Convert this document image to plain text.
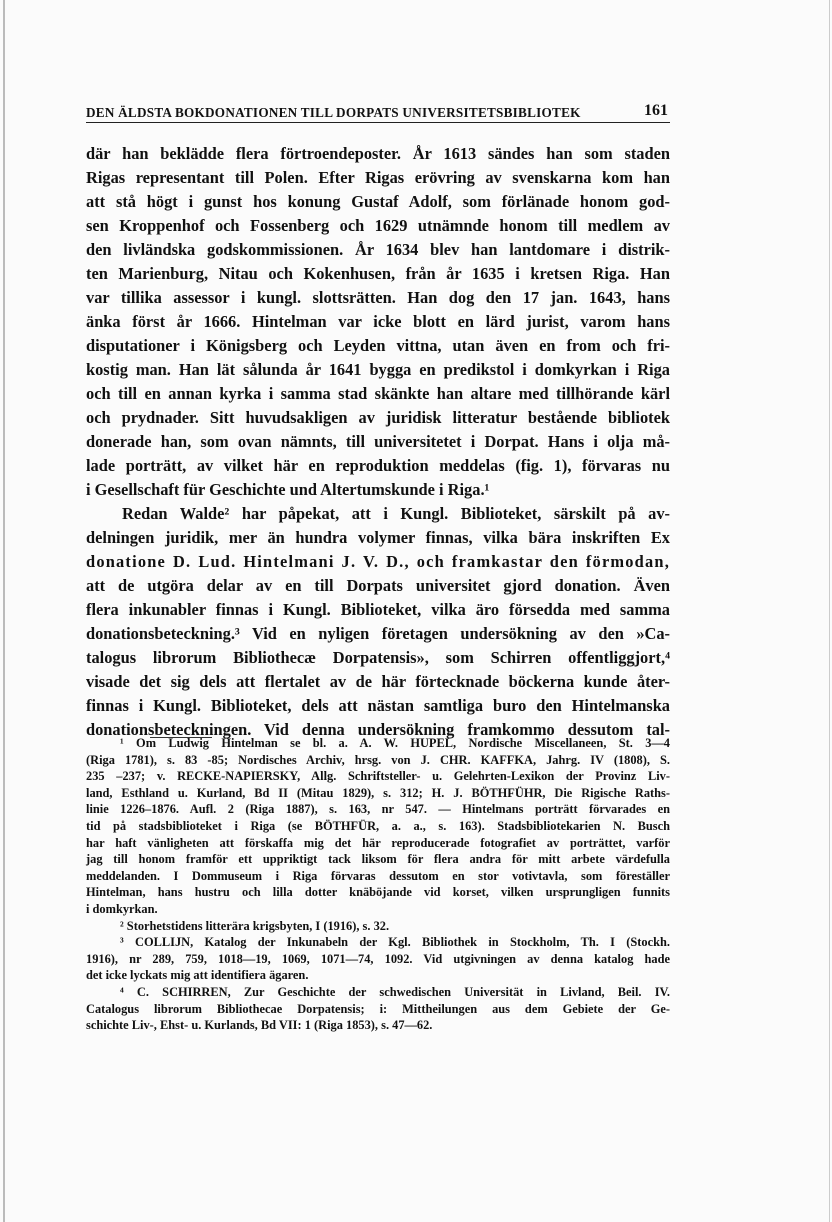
DEN ÄLDSTA BOKDONATIONEN TILL DORPATS UNIVERSITETSBIBLIOTEK	161
där han beklädde flera förtroendeposter. År 1613 sändes han som staden
Rigas representant till Polen. Efter Rigas erövring av svenskarna kom han
att stå högt i gunst hos konung Gustaf Adolf, som förlänade honom god-
sen Kroppenhof och Fossenberg och 1629 utnämnde honom till medlem av
den livländska godskommissionen. År 1634 blev han lantdomare i distrik-
ten Marienburg, Nitau och Kokenhusen, från år 1635 i kretsen Riga. Han
var tillika assessor i kungl. slottsrätten. Han dog den 17 jan. 1643, hans
änka först år 1666. Hintelman var icke blott en lärd jurist, varom hans
disputationer i Königsberg och Leyden vittna, utan även en from och fri-
kostig man. Han lät sålunda år 1641 bygga en predikstol i domkyrkan i Riga
och till en annan kyrka i samma stad skänkte han altare med tillhörande kärl
och prydnader. Sitt huvudsakligen av juridisk litteratur bestående bibliotek
donerade han, som ovan nämnts, till universitetet i Dorpat. Hans i olja må-
lade porträtt, av vilket här en reproduktion meddelas (fig. 1), förvaras nu
i Gesellschaft für Geschichte und Altertumskunde i Riga.¹
Redan Walde² har påpekat, att i Kungl. Biblioteket, särskilt på av-
delningen juridik, mer än hundra volymer finnas, vilka bära inskriften Ex
donatione D. Lud. Hintelmani J. V. D., och framkastar den förmodan,
att de utgöra delar av en till Dorpats universitet gjord donation. Även
flera inkunabler finnas i Kungl. Biblioteket, vilka äro försedda med samma
donationsbeteckning.³ Vid en nyligen företagen undersökning av den »Ca-
talogus librorum Bibliothecæ Dorpatensis», som Schirren offentliggjort,⁴
visade det sig dels att flertalet av de här förtecknade böckerna kunde åter-
finnas i Kungl. Biblioteket, dels att nästan samtliga buro den Hintelmanska
donationsbeteckningen. Vid denna undersökning framkommo dessutom tal-
¹ Om Ludwig Hintelman se bl. a. A. W. HUPEL, Nordische Miscellaneen, St. 3—4
(Riga 1781), s. 83 -85; Nordisches Archiv, hrsg. von J. CHR. KAFFKA, Jahrg. IV (1808), S.
235 –237; v. RECKE-NAPIERSKY, Allg. Schriftsteller- u. Gelehrten-Lexikon der Provinz Liv-
land, Esthland u. Kurland, Bd II (Mitau 1829), s. 312; H. J. BÖTHFÜHR, Die Rigische Raths-
linie 1226–1876. Aufl. 2 (Riga 1887), s. 163, nr 547. — Hintelmans porträtt förvarades en
tid på stadsbiblioteket i Riga (se BÖTHFÜR, a. a., s. 163). Stadsbibliotekarien N. Busch
har haft vänligheten att förskaffa mig det här reproducerade fotografiet av porträttet, varför
jag till honom framför ett uppriktigt tack liksom för flera andra för mitt arbete värdefulla
meddelanden. I Dommuseum i Riga förvaras dessutom en stor votivtavla, som föreställer
Hintelman, hans hustru och lilla dotter knäböjande vid korset, vilken ursprungligen funnits
i domkyrkan.
² Storhetstidens litterära krigsbyten, I (1916), s. 32.
³ COLLIJN, Katalog der Inkunabeln der Kgl. Bibliothek in Stockholm, Th. I (Stockh.
1916), nr 289, 759, 1018—19, 1069, 1071—74, 1092. Vid utgivningen av denna katalog hade
det icke lyckats mig att identifiera ägaren.
⁴ C. SCHIRREN, Zur Geschichte der schwedischen Universität in Livland, Beil. IV.
Catalogus librorum Bibliothecae Dorpatensis; i: Mittheilungen aus dem Gebiete der Ge-
schichte Liv-, Ehst- u. Kurlands, Bd VII: 1 (Riga 1853), s. 47—62.
